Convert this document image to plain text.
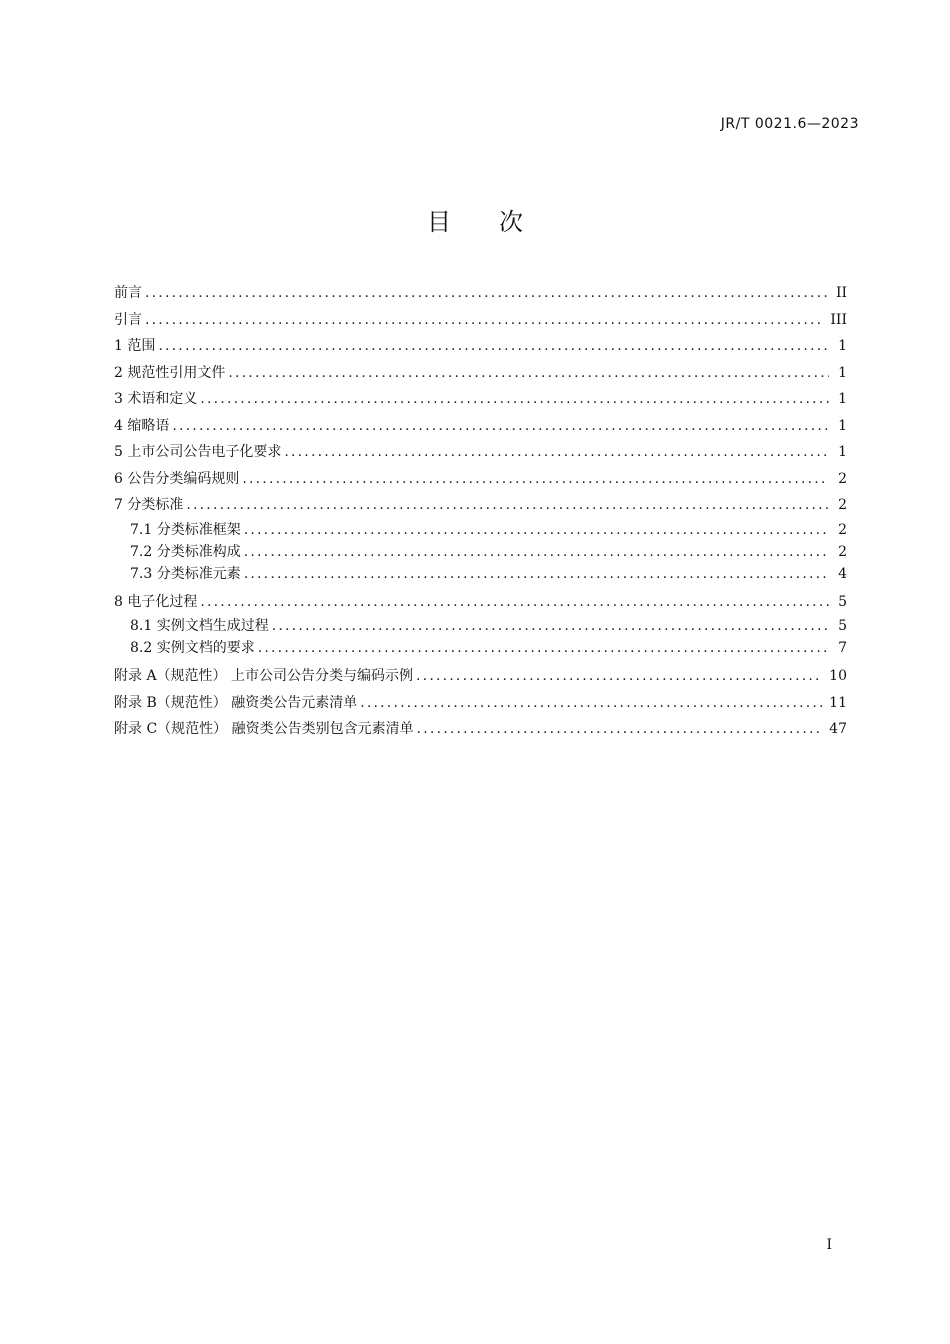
JR/T 0021.6—2023
目 次
前言 .....	II
引言 .....	III
1 范围 .....	1
2 规范性引用文件 .....	1
3 术语和定义 .....	1
4 缩略语 .....	1
5 上市公司公告电子化要求 .....	1
6 公告分类编码规则 .....	2
7 分类标准 .....	2
7.1 分类标准框架 .....	2
7.2 分类标准构成 .....	2
7.3 分类标准元素 .....	4
8 电子化过程 .....	5
8.1 实例文档生成过程 .....	5
8.2 实例文档的要求 .....	7
附录 A（规范性） 上市公司公告分类与编码示例 .....	10
附录 B（规范性） 融资类公告元素清单 .....	11
附录 C（规范性） 融资类公告类别包含元素清单 .....	47
I
